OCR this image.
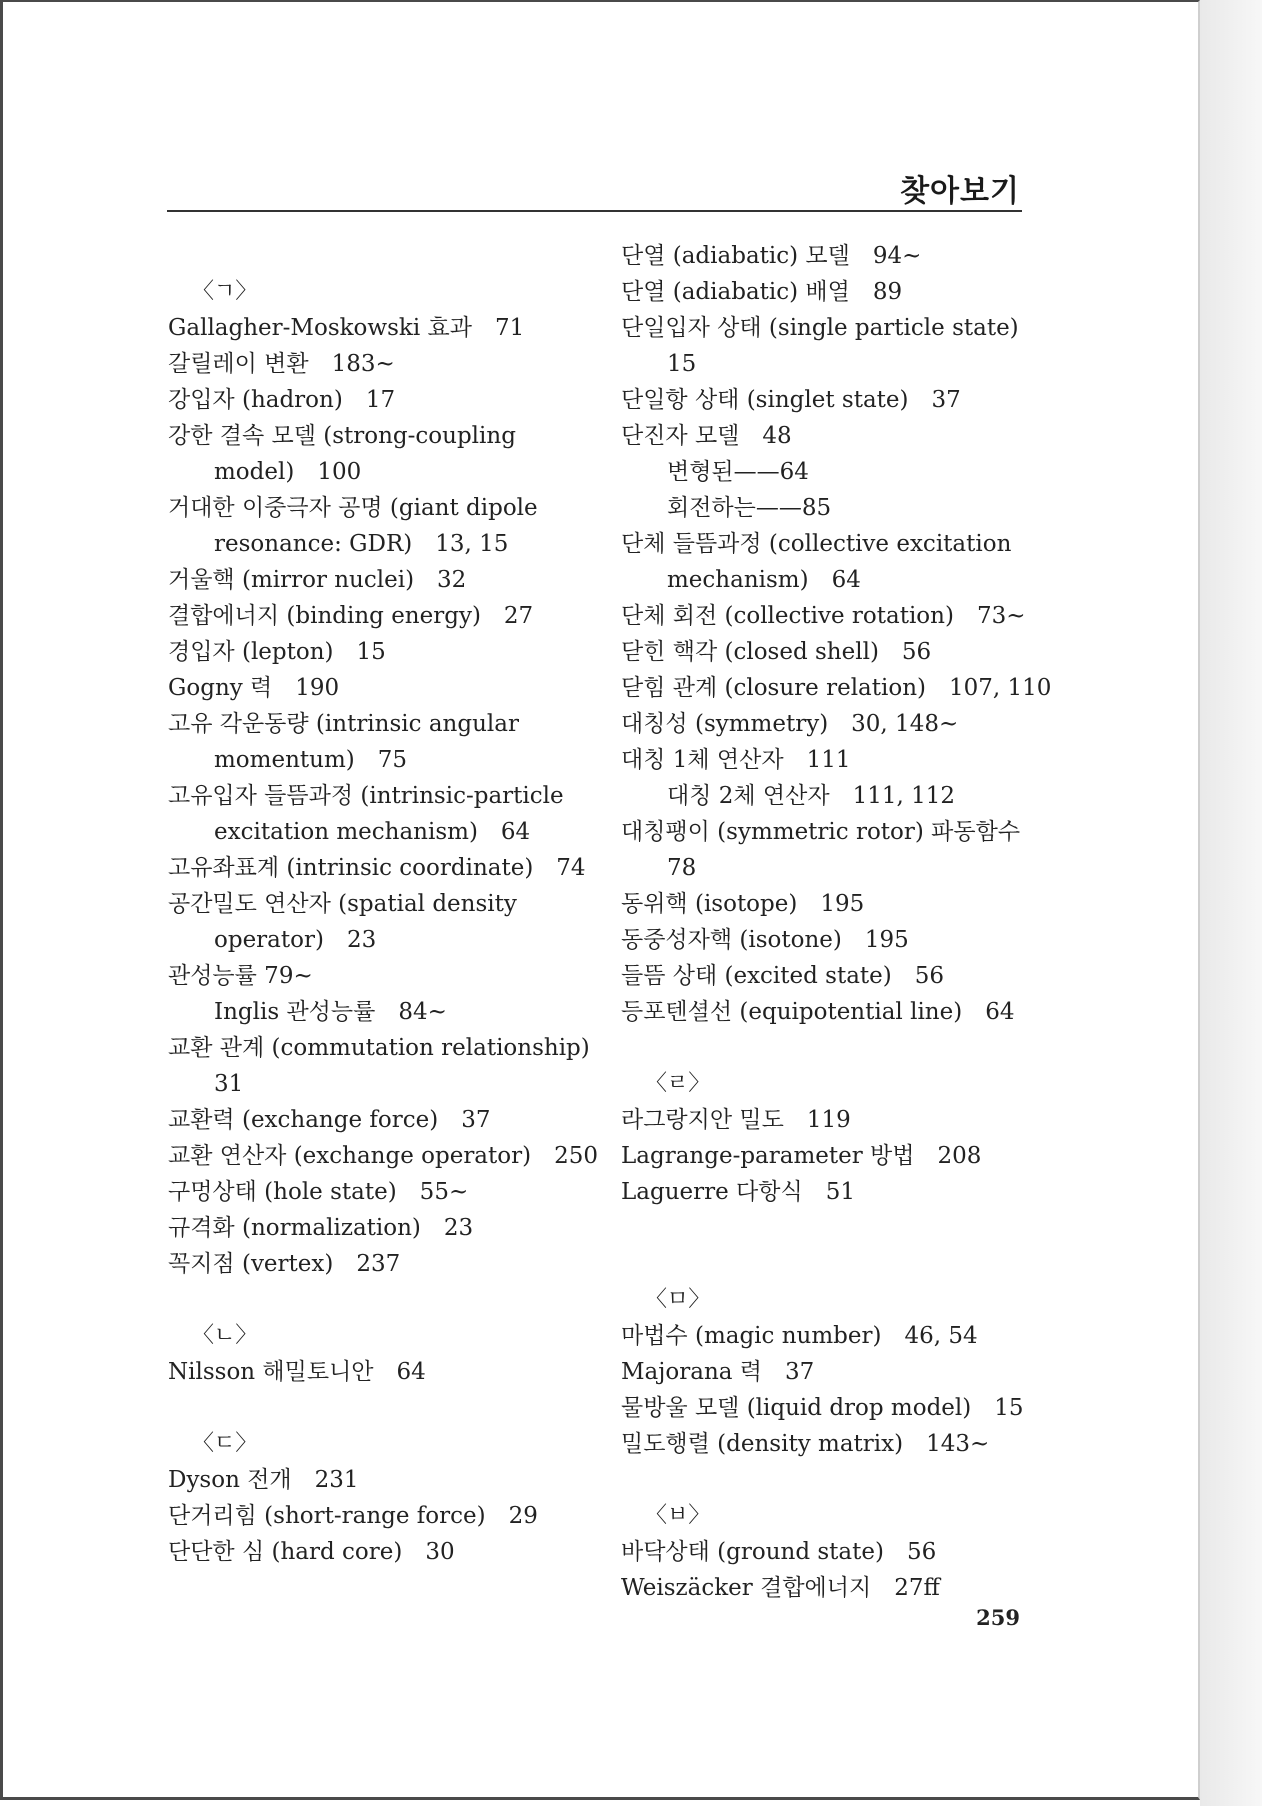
찾아보기
〈ㄱ〉
Gallagher-Moskowski 효과　71
갈릴레이 변환　183~
강입자 (hadron)　17
강한 결속 모델 (strong-coupling
model)　100
거대한 이중극자 공명 (giant dipole
resonance: GDR)　13, 15
거울핵 (mirror nuclei)　32
결합에너지 (binding energy)　27
경입자 (lepton)　15
Gogny 력　190
고유 각운동량 (intrinsic angular
momentum)　75
고유입자 들뜸과정 (intrinsic-particle
excitation mechanism)　64
고유좌표계 (intrinsic coordinate)　74
공간밀도 연산자 (spatial density
operator)　23
관성능률 79~
Inglis 관성능률　84~
교환 관계 (commutation relationship)
31
교환력 (exchange force)　37
교환 연산자 (exchange operator)　250
구멍상태 (hole state)　55~
규격화 (normalization)　23
꼭지점 (vertex)　237
〈ㄴ〉
Nilsson 해밀토니안　64
〈ㄷ〉
Dyson 전개　231
단거리힘 (short-range force)　29
단단한 심 (hard core)　30
단열 (adiabatic) 모델　94~
단열 (adiabatic) 배열　89
단일입자 상태 (single particle state)
15
단일항 상태 (singlet state)　37
단진자 모델　48
변형된——64
회전하는——85
단체 들뜸과정 (collective excitation
mechanism)　64
단체 회전 (collective rotation)　73~
닫힌 핵각 (closed shell)　56
닫힘 관계 (closure relation)　107, 110
대칭성 (symmetry)　30, 148~
대칭 1체 연산자　111
대칭 2체 연산자　111, 112
대칭팽이 (symmetric rotor) 파동함수
78
동위핵 (isotope)　195
동중성자핵 (isotone)　195
들뜸 상태 (excited state)　56
등포텐셜선 (equipotential line)　64
〈ㄹ〉
라그랑지안 밀도　119
Lagrange-parameter 방법　208
Laguerre 다항식　51
〈ㅁ〉
마법수 (magic number)　46, 54
Majorana 력　37
물방울 모델 (liquid drop model)　15
밀도행렬 (density matrix)　143~
〈ㅂ〉
바닥상태 (ground state)　56
Weiszäcker 결합에너지　27ff
259
